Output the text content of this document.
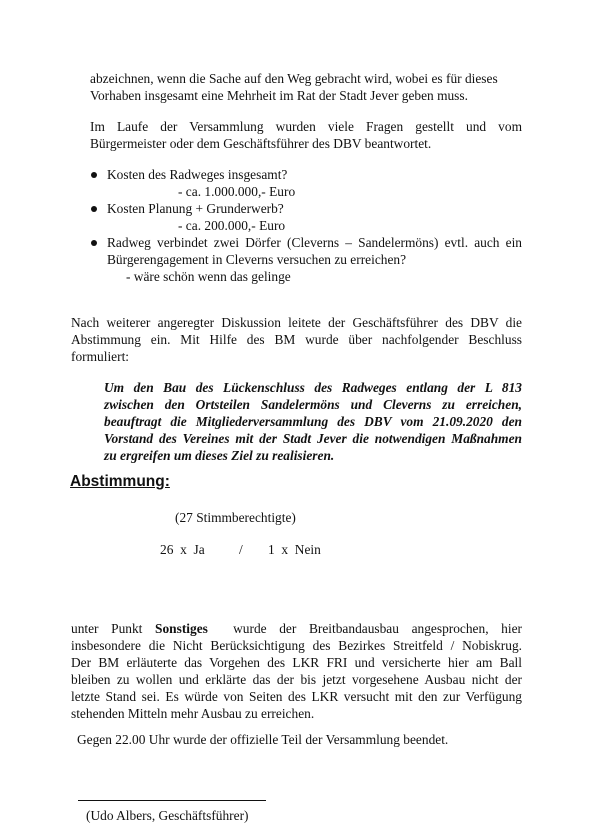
abzeichnen, wenn die Sache auf den Weg gebracht wird, wobei es für dieses
Vorhaben insgesamt eine Mehrheit im Rat der Stadt Jever geben muss.
Im Laufe der Versammlung wurden viele Fragen gestellt und vom
Bürgermeister oder dem Geschäftsführer des DBV beantwortet.
Kosten des Radweges insgesamt?
- ca. 1.000.000,- Euro
Kosten Planung + Grunderwerb?
- ca. 200.000,- Euro
Radweg verbindet zwei Dörfer (Cleverns – Sandelermöns) evtl. auch ein
Bürgerengagement in Cleverns versuchen zu erreichen?
- wäre schön wenn das gelinge
Nach weiterer angeregter Diskussion leitete der Geschäftsführer des DBV die
Abstimmung ein. Mit Hilfe des BM wurde über nachfolgender Beschluss
formuliert:
Um den Bau des Lückenschluss des Radweges entlang der L 813
zwischen den Ortsteilen Sandelermöns und Cleverns zu erreichen,
beauftragt die Mitgliederversammlung des DBV vom 21.09.2020 den
Vorstand des Vereines mit der Stadt Jever die notwendigen Maßnahmen
zu ergreifen um dieses Ziel zu realisieren.
Abstimmung:
(27 Stimmberechtigte)
26  x  Ja	/ 1  x  Nein
unter Punkt Sonstiges  wurde der Breitbandausbau angesprochen, hier
insbesondere die Nicht Berücksichtigung des Bezirkes Streitfeld / Nobiskrug.
Der BM erläuterte das Vorgehen des LKR FRI und versicherte hier am Ball
bleiben zu wollen und erklärte das der bis jetzt vorgesehene Ausbau nicht der
letzte Stand sei. Es würde von Seiten des LKR versucht mit den zur Verfügung
stehenden Mitteln mehr Ausbau zu erreichen.
Gegen 22.00 Uhr wurde der offizielle Teil der Versammlung beendet.
(Udo Albers, Geschäftsführer)
